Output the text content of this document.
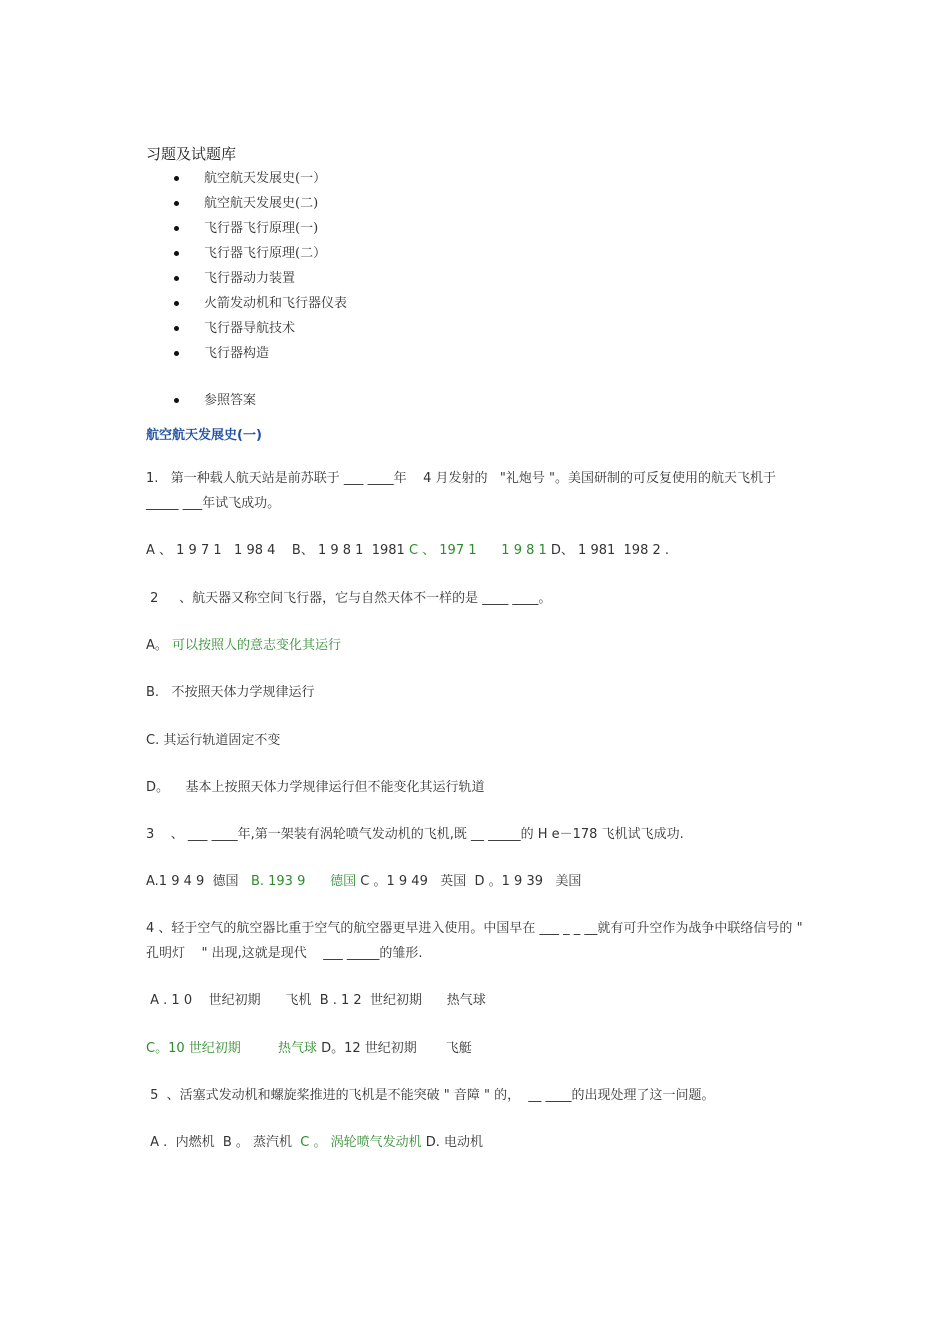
习题及试题库
航空航天发展史(一）
航空航天发展史(二)
飞行器飞行原理(一)
飞行器飞行原理(二）
飞行器动力装置
火箭发动机和飞行器仪表
飞行器导航技术
飞行器构造
参照答案
航空航天发展史(一)
1.   第一种载人航天站是前苏联于 ___ ____年    4 月发射的   "礼炮号 "。美国研制的可反复使用的航天飞机于 _____ ___年试飞成功。
A 、 1 9 7 1   1 98 4    B、 1 9 8 1  1981 C 、 197 1      1 9 8 1 D、 1 981  198 2 .
2     、航天器又称空间飞行器，它与自然天体不一样的是 ____ ____。
A。 可以按照人的意志变化其运行
B.   不按照天体力学规律运行
C. 其运行轨道固定不变
D。    基本上按照天体力学规律运行但不能变化其运行轨道
3    、 ___ ____年,第一架装有涡轮喷气发动机的飞机,既 __ _____的 H e－178 飞机试飞成功.
A.1 9 4 9  德国   B. 193 9      德国 C 。1 9 49   英国  D 。1 9 39   美国
4 、轻于空气的航空器比重于空气的航空器更早进入使用。中国早在 ___ _ _ __就有可升空作为战争中联络信号的 " 孔明灯    " 出现,这就是现代    ___ _____的雏形.
A . 1 0    世纪初期      飞机  B . 1 2  世纪初期      热气球
C。10 世纪初期         热气球 D。12 世纪初期       飞艇
5  、活塞式发动机和螺旋桨推进的飞机是不能突破 " 音障 " 的，  __ ____的出现处理了这一问题。
A .  内燃机  B 。 蒸汽机  C 。 涡轮喷气发动机 D. 电动机
